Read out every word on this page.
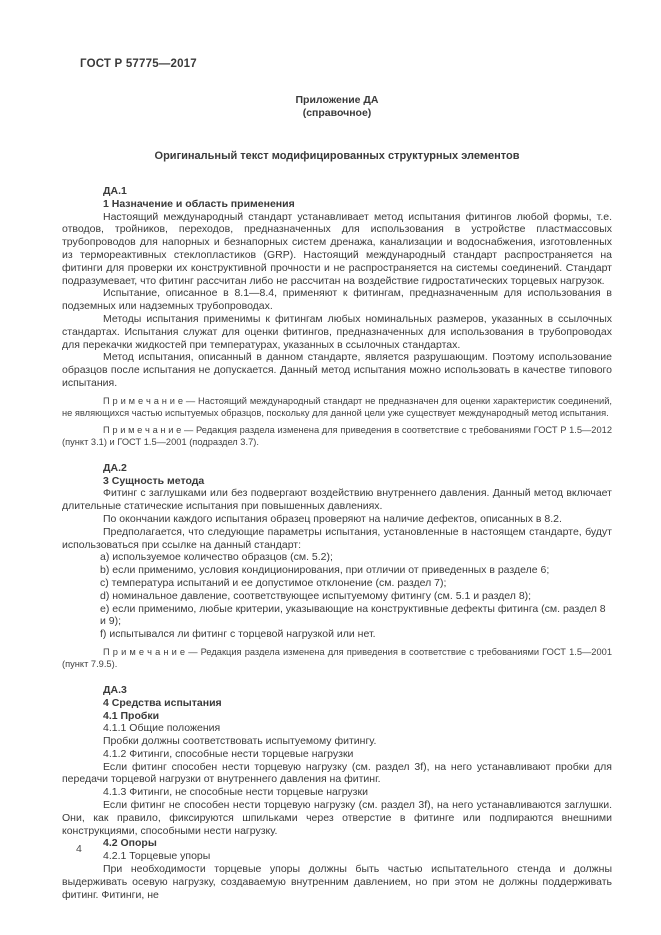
ГОСТ Р 57775—2017
Приложение ДА
(справочное)
Оригинальный текст модифицированных структурных элементов
ДА.1
1 Назначение и область применения

Настоящий международный стандарт устанавливает метод испытания фитингов любой формы, т.е. отводов, тройников, переходов, предназначенных для использования в устройстве пластмассовых трубопроводов для напорных и безнапорных систем дренажа, канализации и водоснабжения, изготовленных из термореактивных стеклопластиков (GRP). Настоящий международный стандарт распространяется на фитинги для проверки их конструктивной прочности и не распространяется на системы соединений. Стандарт подразумевает, что фитинг рассчитан либо не рассчитан на воздействие гидростатических торцевых нагрузок.

Испытание, описанное в 8.1—8.4, применяют к фитингам, предназначенным для использования в подземных или надземных трубопроводах.

Методы испытания применимы к фитингам любых номинальных размеров, указанных в ссылочных стандартах. Испытания служат для оценки фитингов, предназначенных для использования в трубопроводах для перекачки жидкостей при температурах, указанных в ссылочных стандартах.

Метод испытания, описанный в данном стандарте, является разрушающим. Поэтому использование образцов после испытания не допускается. Данный метод испытания можно использовать в качестве типового испытания.

П р и м е ч а н и е — Настоящий международный стандарт не предназначен для оценки характеристик соединений, не являющихся частью испытуемых образцов, поскольку для данной цели уже существует международный метод испытания.

П р и м е ч а н и е — Редакция раздела изменена для приведения в соответствие с требованиями ГОСТ Р 1.5—2012 (пункт 3.1) и ГОСТ 1.5—2001 (подраздел 3.7).

ДА.2
3 Сущность метода

Фитинг с заглушками или без подвергают воздействию внутреннего давления. Данный метод включает длительные статические испытания при повышенных давлениях.

По окончании каждого испытания образец проверяют на наличие дефектов, описанных в 8.2.

Предполагается, что следующие параметры испытания, установленные в настоящем стандарте, будут использоваться при ссылке на данный стандарт:

a) используемое количество образцов (см. 5.2);
b) если применимо, условия кондиционирования, при отличии от приведенных в разделе 6;
c) температура испытаний и ее допустимое отклонение (см. раздел 7);
d) номинальное давление, соответствующее испытуемому фитингу (см. 5.1 и раздел 8);
e) если применимо, любые критерии, указывающие на конструктивные дефекты фитинга (см. раздел 8 и 9);
f) испытывался ли фитинг с торцевой нагрузкой или нет.

П р и м е ч а н и е — Редакция раздела изменена для приведения в соответствие с требованиями ГОСТ 1.5—2001 (пункт 7.9.5).

ДА.3
4 Средства испытания
4.1 Пробки
4.1.1 Общие положения

Пробки должны соответствовать испытуемому фитингу.

4.1.2 Фитинги, способные нести торцевые нагрузки

Если фитинг способен нести торцевую нагрузку (см. раздел 3f), на него устанавливают пробки для передачи торцевой нагрузки от внутреннего давления на фитинг.

4.1.3 Фитинги, не способные нести торцевые нагрузки

Если фитинг не способен нести торцевую нагрузку (см. раздел 3f), на него устанавливаются заглушки. Они, как правило, фиксируются шпильками через отверстие в фитинге или подпираются внешними конструкциями, способными нести нагрузку.

4.2 Опоры
4.2.1 Торцевые упоры

При необходимости торцевые упоры должны быть частью испытательного стенда и должны выдерживать осевую нагрузку, создаваемую внутренним давлением, но при этом не должны поддерживать фитинг. Фитинги, не

4
